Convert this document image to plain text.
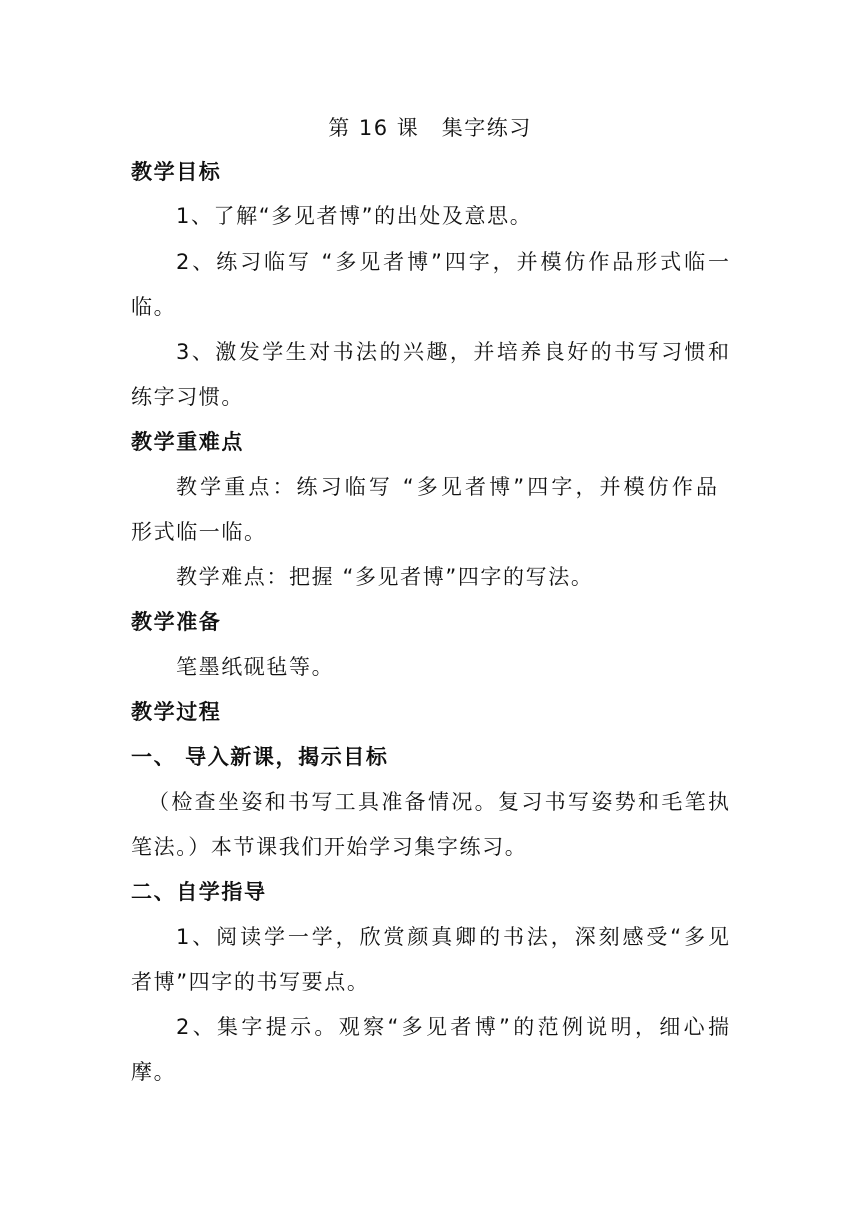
第 16 课　集字练习
教学目标
1、了解“多见者博”的出处及意思。
2、练习临写 “多见者博”四字，并模仿作品形式临一
临。
3、激发学生对书法的兴趣，并培养良好的书写习惯和
练字习惯。
教学重难点
教学重点：练习临写 “多见者博”四字，并模仿作品
形式临一临。
教学难点：把握 “多见者博”四字的写法。
教学准备
笔墨纸砚毡等。
教学过程
一、 导入新课，揭示目标
（检查坐姿和书写工具准备情况。复习书写姿势和毛笔执
笔法。）本节课我们开始学习集字练习。
二、自学指导
1、阅读学一学，欣赏颜真卿的书法，深刻感受“多见
者博”四字的书写要点。
2、集字提示。观察“多见者博”的范例说明，细心揣
摩。
